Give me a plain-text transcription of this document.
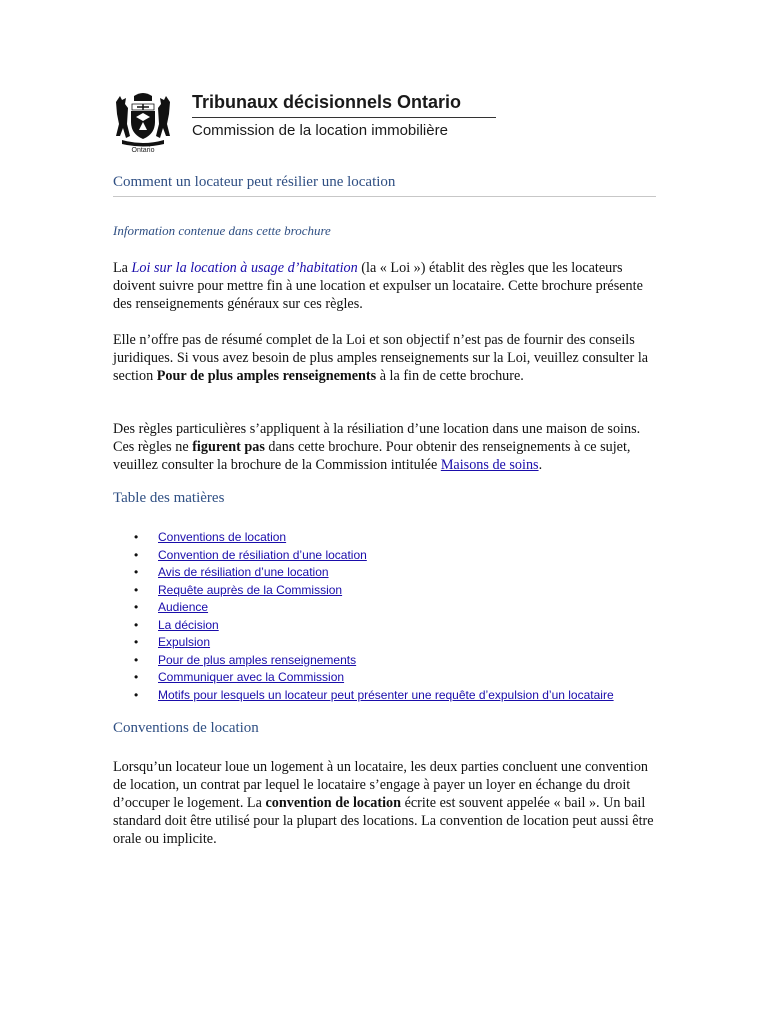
Ontario
Tribunaux décisionnels Ontario
Commission de la location immobilière
Comment un locateur peut résilier une location
Information contenue dans cette brochure

La Loi sur la location à usage d’habitation (la « Loi ») établit des règles que les locateurs doivent suivre pour mettre fin à une location et expulser un locataire. Cette brochure présente des renseignements généraux sur ces règles.

Elle n’offre pas de résumé complet de la Loi et son objectif n’est pas de fournir des conseils juridiques. Si vous avez besoin de plus amples renseignements sur la Loi, veuillez consulter la section Pour de plus amples renseignements à la fin de cette brochure.

Des règles particulières s’appliquent à la résiliation d’une location dans une maison de soins. Ces règles ne figurent pas dans cette brochure. Pour obtenir des renseignements à ce sujet, veuillez consulter la brochure de la Commission intitulée Maisons de soins.

Table des matières
• Conventions de location
• Convention de résiliation d’une location
• Avis de résiliation d’une location
• Requête auprès de la Commission
• Audience
• La décision
• Expulsion
• Pour de plus amples renseignements
• Communiquer avec la Commission
• Motifs pour lesquels un locateur peut présenter une requête d’expulsion d’un locataire
Conventions de location

Lorsqu’un locateur loue un logement à un locataire, les deux parties concluent une convention de location, un contrat par lequel le locataire s’engage à payer un loyer en échange du droit d’occuper le logement. La convention de location écrite est souvent appelée « bail ». Un bail standard doit être utilisé pour la plupart des locations. La convention de location peut aussi être orale ou implicite.
